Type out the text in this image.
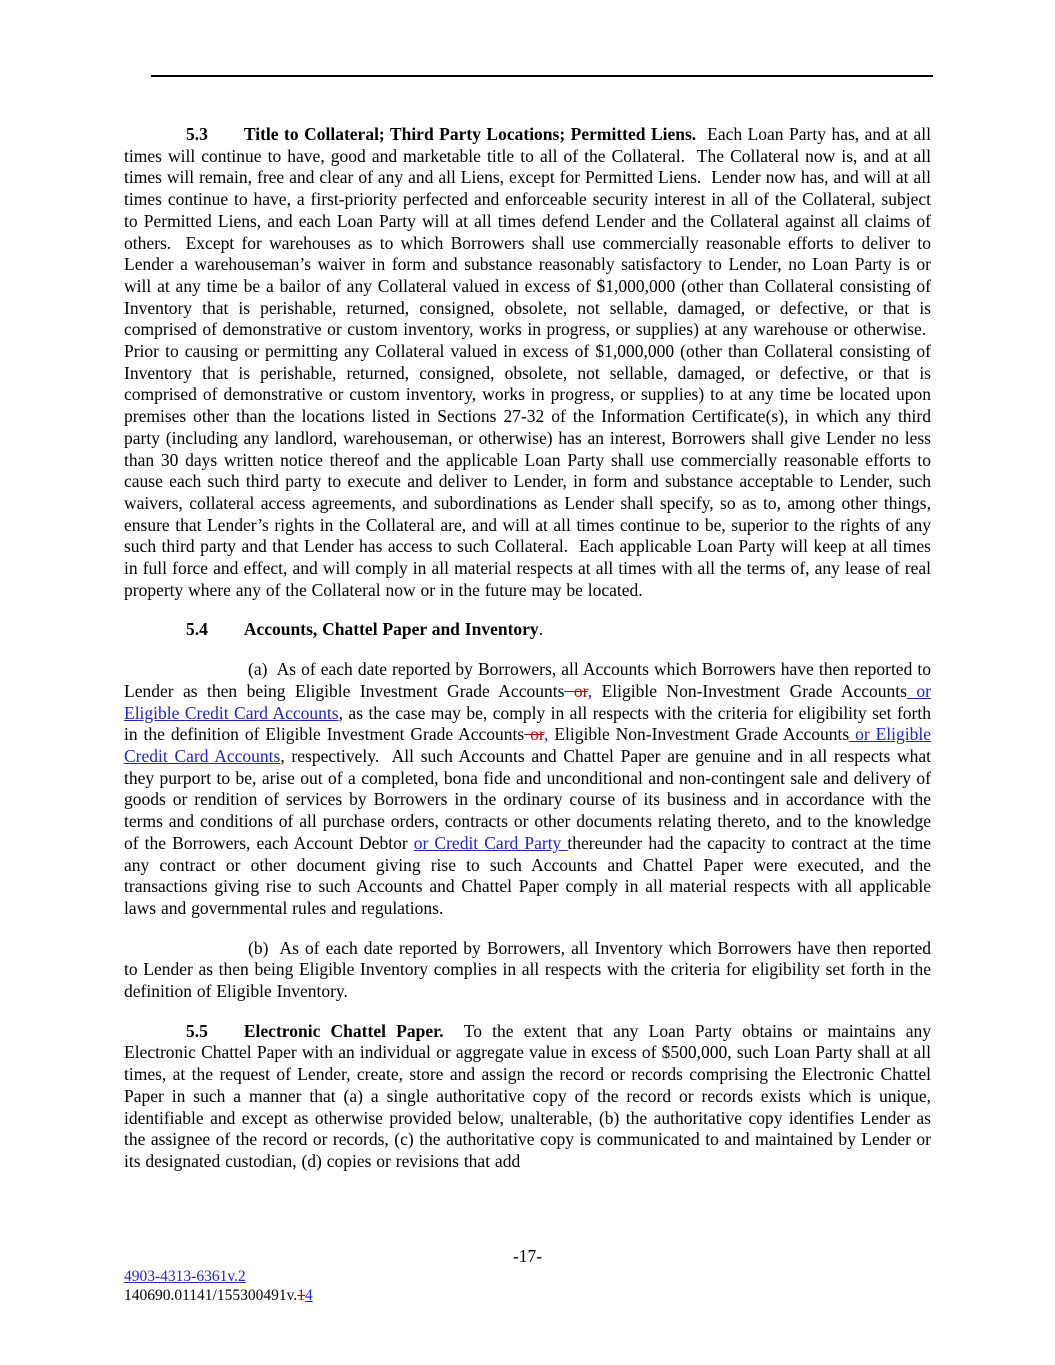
5.3 Title to Collateral; Third Party Locations; Permitted Liens.  Each Loan Party has, and at all times will continue to have, good and marketable title to all of the Collateral.  The Collateral now is, and at all times will remain, free and clear of any and all Liens, except for Permitted Liens.  Lender now has, and will at all times continue to have, a first-priority perfected and enforceable security interest in all of the Collateral, subject to Permitted Liens, and each Loan Party will at all times defend Lender and the Collateral against all claims of others.  Except for warehouses as to which Borrowers shall use commercially reasonable efforts to deliver to Lender a warehouseman’s waiver in form and substance reasonably satisfactory to Lender, no Loan Party is or will at any time be a bailor of any Collateral valued in excess of $1,000,000 (other than Collateral consisting of Inventory that is perishable, returned, consigned, obsolete, not sellable, damaged, or defective, or that is comprised of demonstrative or custom inventory, works in progress, or supplies) at any warehouse or otherwise.  Prior to causing or permitting any Collateral valued in excess of $1,000,000 (other than Collateral consisting of Inventory that is perishable, returned, consigned, obsolete, not sellable, damaged, or defective, or that is comprised of demonstrative or custom inventory, works in progress, or supplies) to at any time be located upon premises other than the locations listed in Sections 27-32 of the Information Certificate(s), in which any third party (including any landlord, warehouseman, or otherwise) has an interest, Borrowers shall give Lender no less than 30 days written notice thereof and the applicable Loan Party shall use commercially reasonable efforts to cause each such third party to execute and deliver to Lender, in form and substance acceptable to Lender, such waivers, collateral access agreements, and subordinations as Lender shall specify, so as to, among other things, ensure that Lender’s rights in the Collateral are, and will at all times continue to be, superior to the rights of any such third party and that Lender has access to such Collateral.  Each applicable Loan Party will keep at all times in full force and effect, and will comply in all material respects at all times with all the terms of, any lease of real property where any of the Collateral now or in the future may be located.

5.4 Accounts, Chattel Paper and Inventory.

(a)  As of each date reported by Borrowers, all Accounts which Borrowers have then reported to Lender as then being Eligible Investment Grade Accounts or, Eligible Non-Investment Grade Accounts or Eligible Credit Card Accounts, as the case may be, comply in all respects with the criteria for eligibility set forth in the definition of Eligible Investment Grade Accounts or, Eligible Non-Investment Grade Accounts or Eligible Credit Card Accounts, respectively.  All such Accounts and Chattel Paper are genuine and in all respects what they purport to be, arise out of a completed, bona fide and unconditional and non-contingent sale and delivery of goods or rendition of services by Borrowers in the ordinary course of its business and in accordance with the terms and conditions of all purchase orders, contracts or other documents relating thereto, and to the knowledge of the Borrowers, each Account Debtor or Credit Card Party thereunder had the capacity to contract at the time any contract or other document giving rise to such Accounts and Chattel Paper were executed, and the transactions giving rise to such Accounts and Chattel Paper comply in all material respects with all applicable laws and governmental rules and regulations.

(b)  As of each date reported by Borrowers, all Inventory which Borrowers have then reported to Lender as then being Eligible Inventory complies in all respects with the criteria for eligibility set forth in the definition of Eligible Inventory.

5.5 Electronic Chattel Paper.  To the extent that any Loan Party obtains or maintains any Electronic Chattel Paper with an individual or aggregate value in excess of $500,000, such Loan Party shall at all times, at the request of Lender, create, store and assign the record or records comprising the Electronic Chattel Paper in such a manner that (a) a single authoritative copy of the record or records exists which is unique, identifiable and except as otherwise provided below, unalterable, (b) the authoritative copy identifies Lender as the assignee of the record or records, (c) the authoritative copy is communicated to and maintained by Lender or its designated custodian, (d) copies or revisions that add

-17-
4903-4313-6361v.2
140690.01141/155300491v.14
